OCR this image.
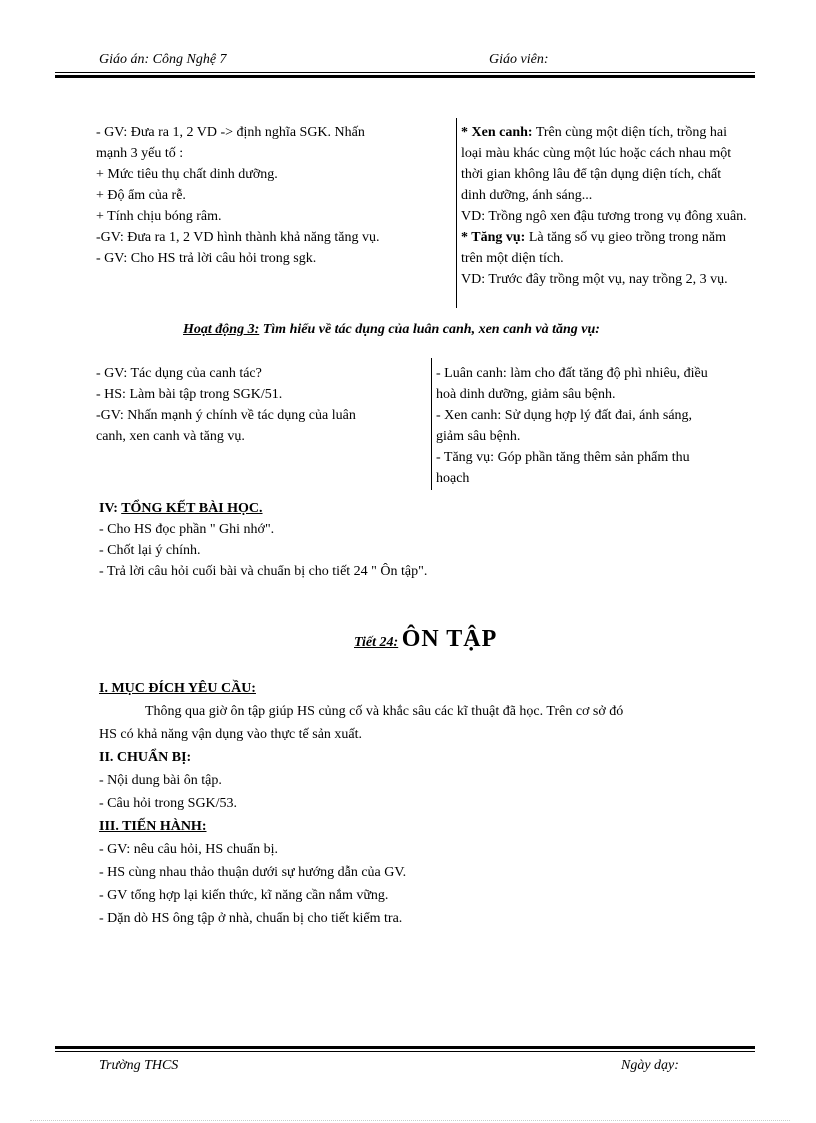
Giáo án: Công Nghệ 7	Giáo viên:

- GV: Đưa ra 1, 2 VD -> định nghĩa SGK. Nhấn

mạnh 3 yếu tố :

+ Mức tiêu thụ chất dinh dưỡng.

+ Độ ẩm của rễ.

+ Tính chịu bóng râm.

-GV: Đưa ra 1, 2 VD hình thành khả năng tăng vụ.

- GV: Cho HS trả lời câu hỏi trong sgk.

* Xen canh: Trên cùng một diện tích, trồng hai

loại màu khác cùng một lúc hoặc cách nhau một

thời gian không lâu để tận dụng diện tích, chất

dinh dưỡng, ánh sáng...

VD: Trồng ngô xen đậu tương trong vụ đông xuân.

* Tăng vụ: Là tăng số vụ gieo trồng trong năm

trên một diện tích.

VD: Trước đây trồng một vụ, nay trồng 2, 3 vụ.

Hoạt động 3: Tìm hiểu về tác dụng của luân canh, xen canh và tăng vụ:

- GV: Tác dụng của canh tác?

- HS: Làm bài tập trong SGK/51.

-GV: Nhấn mạnh ý chính về tác dụng của luân

canh, xen canh và tăng vụ.

- Luân canh: làm cho đất tăng độ phì nhiêu, điều

hoà dinh dưỡng, giảm sâu bệnh.

- Xen canh: Sử dụng hợp lý đất đai, ánh sáng,

giảm sâu bệnh.

- Tăng vụ: Góp phần tăng thêm sản phẩm thu

hoạch

IV: TỔNG KẾT BÀI HỌC.

- Cho HS đọc phần " Ghi nhớ".

- Chốt lại ý chính.

- Trả lời câu hỏi cuối bài và chuẩn bị cho tiết 24 " Ôn tập".

Tiết 24: ÔN TẬP

I. MỤC ĐÍCH YÊU CẦU:

Thông qua giờ ôn tập giúp HS củng cố và khắc sâu các kĩ thuật đã học. Trên cơ sở đó

HS có khả năng vận dụng vào thực tế sản xuất.

II. CHUẨN BỊ:

- Nội dung bài ôn tập.

- Câu hỏi trong SGK/53.

III. TIẾN HÀNH:

- GV: nêu câu hỏi, HS chuẩn bị.

- HS cùng nhau thảo thuận dưới sự hướng dẫn của GV.

- GV tổng hợp lại kiến thức, kĩ năng cần nắm vững.

- Dặn dò HS ông tập ở nhà, chuẩn bị cho tiết kiểm tra.

Trường THCS	Ngày dạy:
